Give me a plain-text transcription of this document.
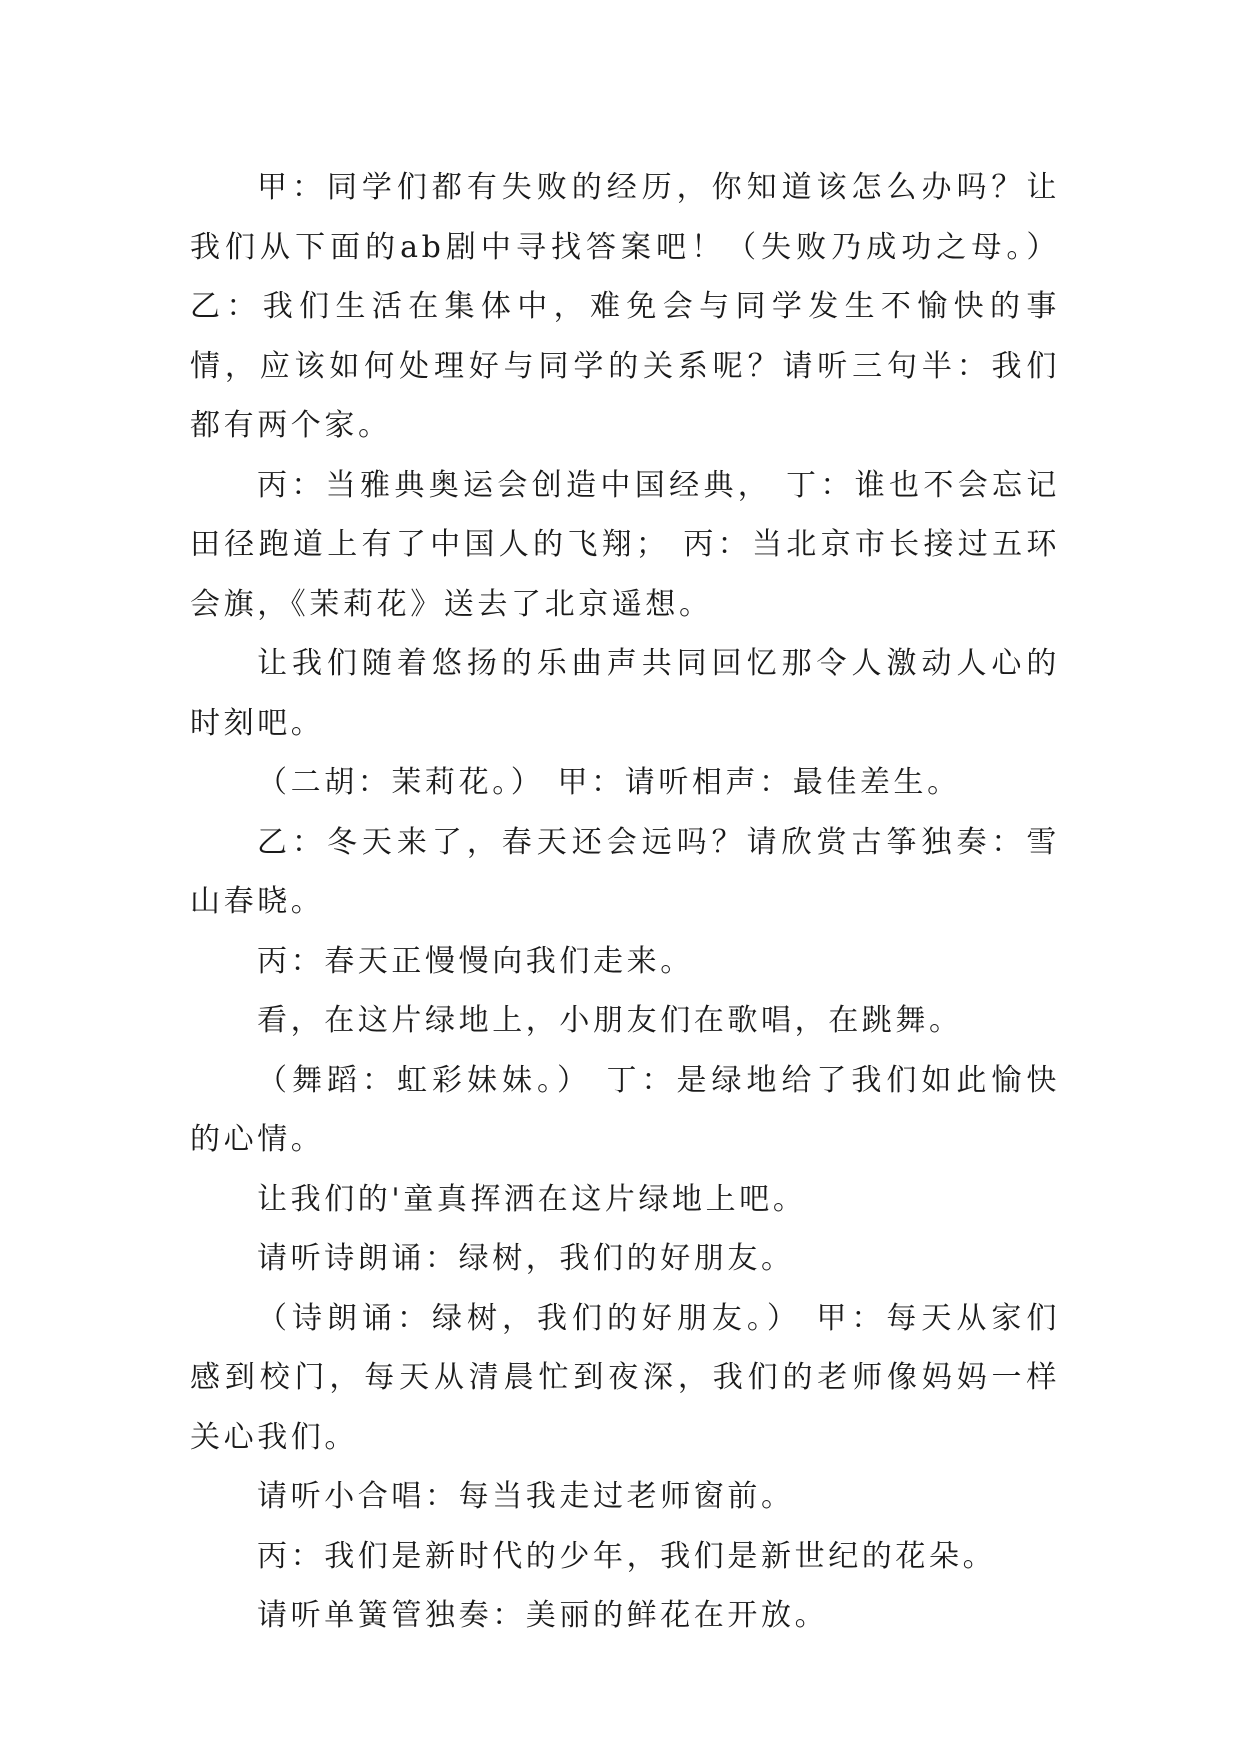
甲：同学们都有失败的经历，你知道该怎么办吗？让我们从下面的ab剧中寻找答案吧！（失败乃成功之母。） 乙：我们生活在集体中，难免会与同学发生不愉快的事情，应该如何处理好与同学的关系呢？请听三句半：我们都有两个家。

丙：当雅典奥运会创造中国经典， 丁：谁也不会忘记田径跑道上有了中国人的飞翔； 丙：当北京市长接过五环会旗，《茉莉花》送去了北京遥想。

让我们随着悠扬的乐曲声共同回忆那令人激动人心的时刻吧。

（二胡：茉莉花。） 甲：请听相声：最佳差生。

乙：冬天来了，春天还会远吗？请欣赏古筝独奏：雪山春晓。

丙：春天正慢慢向我们走来。

看，在这片绿地上，小朋友们在歌唱，在跳舞。

（舞蹈：虹彩妹妹。） 丁：是绿地给了我们如此愉快的心情。

让我们的'童真挥洒在这片绿地上吧。

请听诗朗诵：绿树，我们的好朋友。

（诗朗诵：绿树，我们的好朋友。） 甲：每天从家们感到校门，每天从清晨忙到夜深，我们的老师像妈妈一样关心我们。

请听小合唱：每当我走过老师窗前。

丙：我们是新时代的少年，我们是新世纪的花朵。

请听单簧管独奏：美丽的鲜花在开放。
